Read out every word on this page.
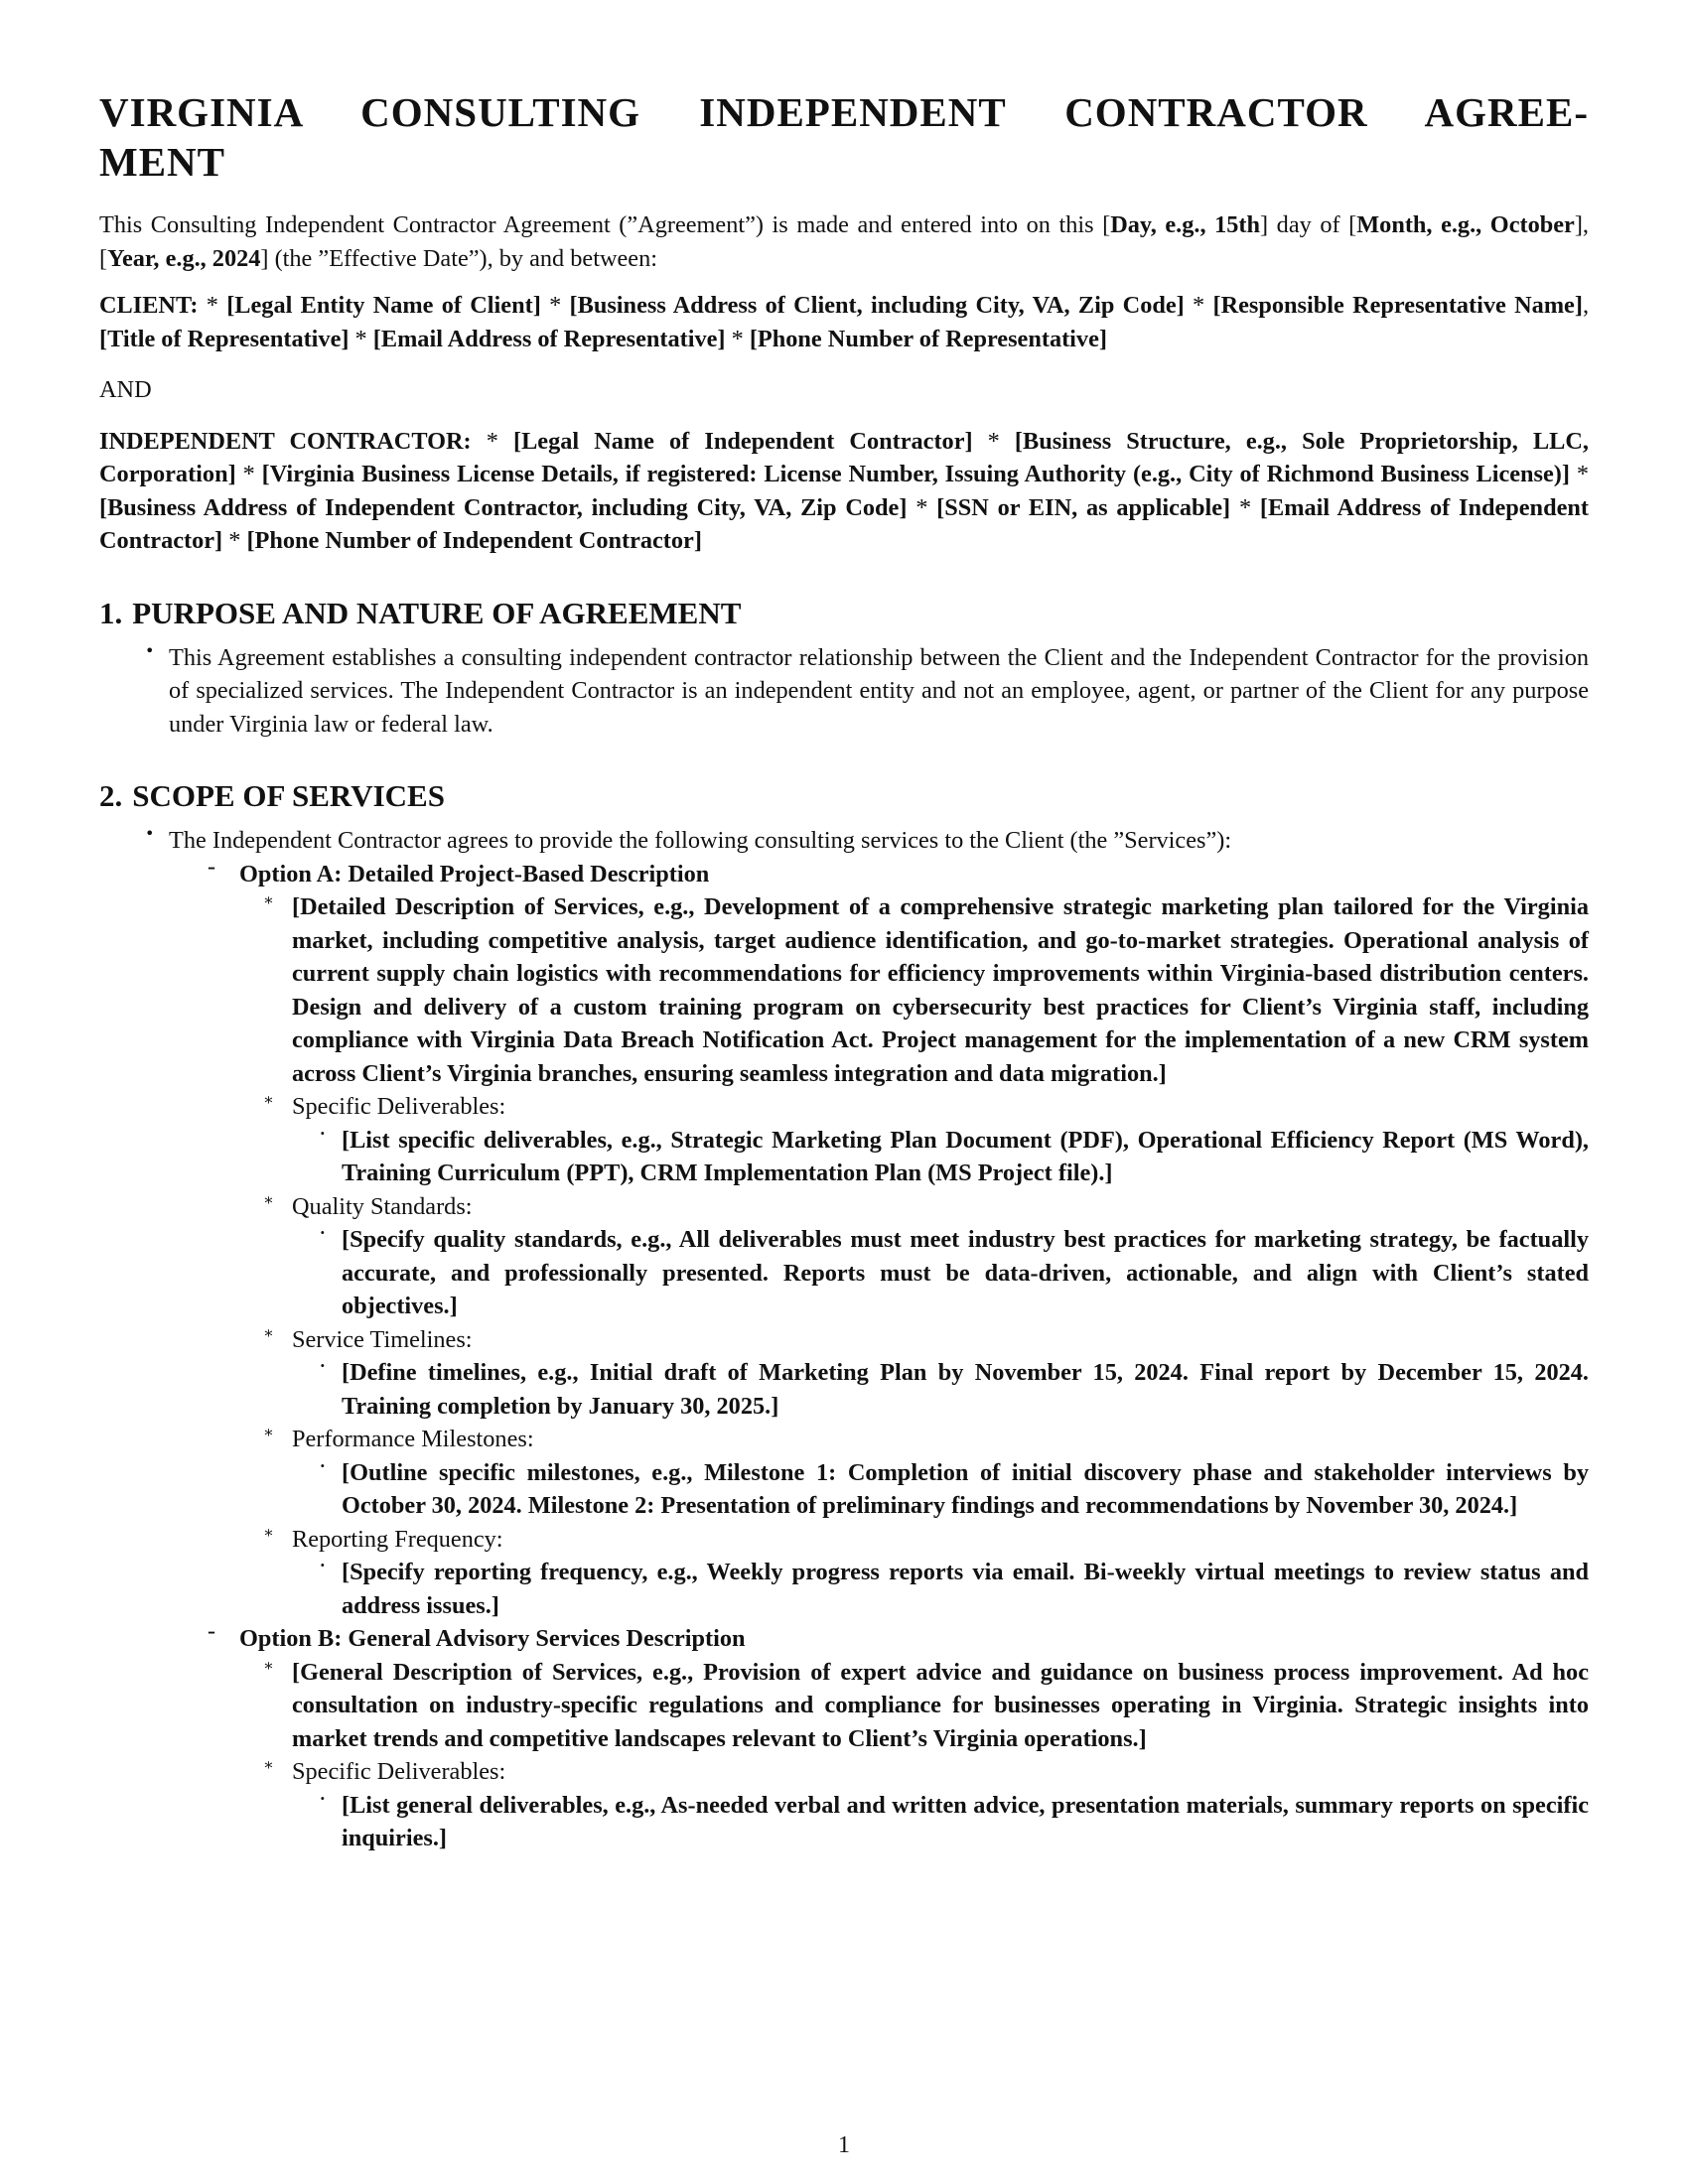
VIRGINIA CONSULTING INDEPENDENT CONTRACTOR AGREE-
MENT

This Consulting Independent Contractor Agreement (”Agreement”) is made and entered into on this [Day, e.g., 15th] day of [Month, e.g., October], [Year, e.g., 2024] (the ”Effective Date”), by and between:

CLIENT: * [Legal Entity Name of Client] * [Business Address of Client, including City, VA, Zip Code] * [Responsible Representative Name], [Title of Representative] * [Email Address of Representative] * [Phone Number of Representative]

AND

INDEPENDENT CONTRACTOR: * [Legal Name of Independent Contractor] * [Business Structure, e.g., Sole Proprietorship, LLC, Corporation] * [Virginia Business License Details, if registered: License Number, Issuing Authority (e.g., City of Richmond Business License)] * [Business Address of Independent Contractor, including City, VA, Zip Code] * [SSN or EIN, as applicable] * [Email Address of Independent Contractor] * [Phone Number of Independent Contractor]

1. PURPOSE AND NATURE OF AGREEMENT
• This Agreement establishes a consulting independent contractor relationship between the Client and the Independent Contractor for the provision of specialized services. The Independent Contractor is an independent entity and not an employee, agent, or partner of the Client for any purpose under Virginia law or federal law.

2. SCOPE OF SERVICES
• The Independent Contractor agrees to provide the following consulting services to the Client (the ”Services”):

– Option A: Detailed Project-Based Description

∗ [Detailed Description of Services, e.g., Development of a comprehensive strategic marketing plan tailored for the Virginia market, including competitive analysis, target audience identification, and go-to-market strategies. Operational analysis of current supply chain logistics with recommendations for efficiency improvements within Virginia-based distribution centers. Design and delivery of a custom training program on cybersecurity best practices for Client’s Virginia staff, including compliance with Virginia Data Breach Notification Act. Project management for the implementation of a new CRM system across Client’s Virginia branches, ensuring seamless integration and data migration.]

∗ Specific Deliverables:

· [List specific deliverables, e.g., Strategic Marketing Plan Document (PDF), Operational Efficiency Report (MS Word), Training Curriculum (PPT), CRM Implementation Plan (MS Project file).]

∗ Quality Standards:

· [Specify quality standards, e.g., All deliverables must meet industry best practices for marketing strategy, be factually accurate, and professionally presented. Reports must be data-driven, actionable, and align with Client’s stated objectives.]

∗ Service Timelines:

· [Define timelines, e.g., Initial draft of Marketing Plan by November 15, 2024. Final report by December 15, 2024. Training completion by January 30, 2025.]

∗ Performance Milestones:

· [Outline specific milestones, e.g., Milestone 1: Completion of initial discovery phase and stakeholder interviews by October 30, 2024. Milestone 2: Presentation of preliminary findings and recommendations by November 30, 2024.]

∗ Reporting Frequency:

· [Specify reporting frequency, e.g., Weekly progress reports via email. Bi-weekly virtual meetings to review status and address issues.]

– Option B: General Advisory Services Description

∗ [General Description of Services, e.g., Provision of expert advice and guidance on business process improvement. Ad hoc consultation on industry-specific regulations and compliance for businesses operating in Virginia. Strategic insights into market trends and competitive landscapes relevant to Client’s Virginia operations.]

∗ Specific Deliverables:

· [List general deliverables, e.g., As-needed verbal and written advice, presentation materials, summary reports on specific inquiries.]

1
